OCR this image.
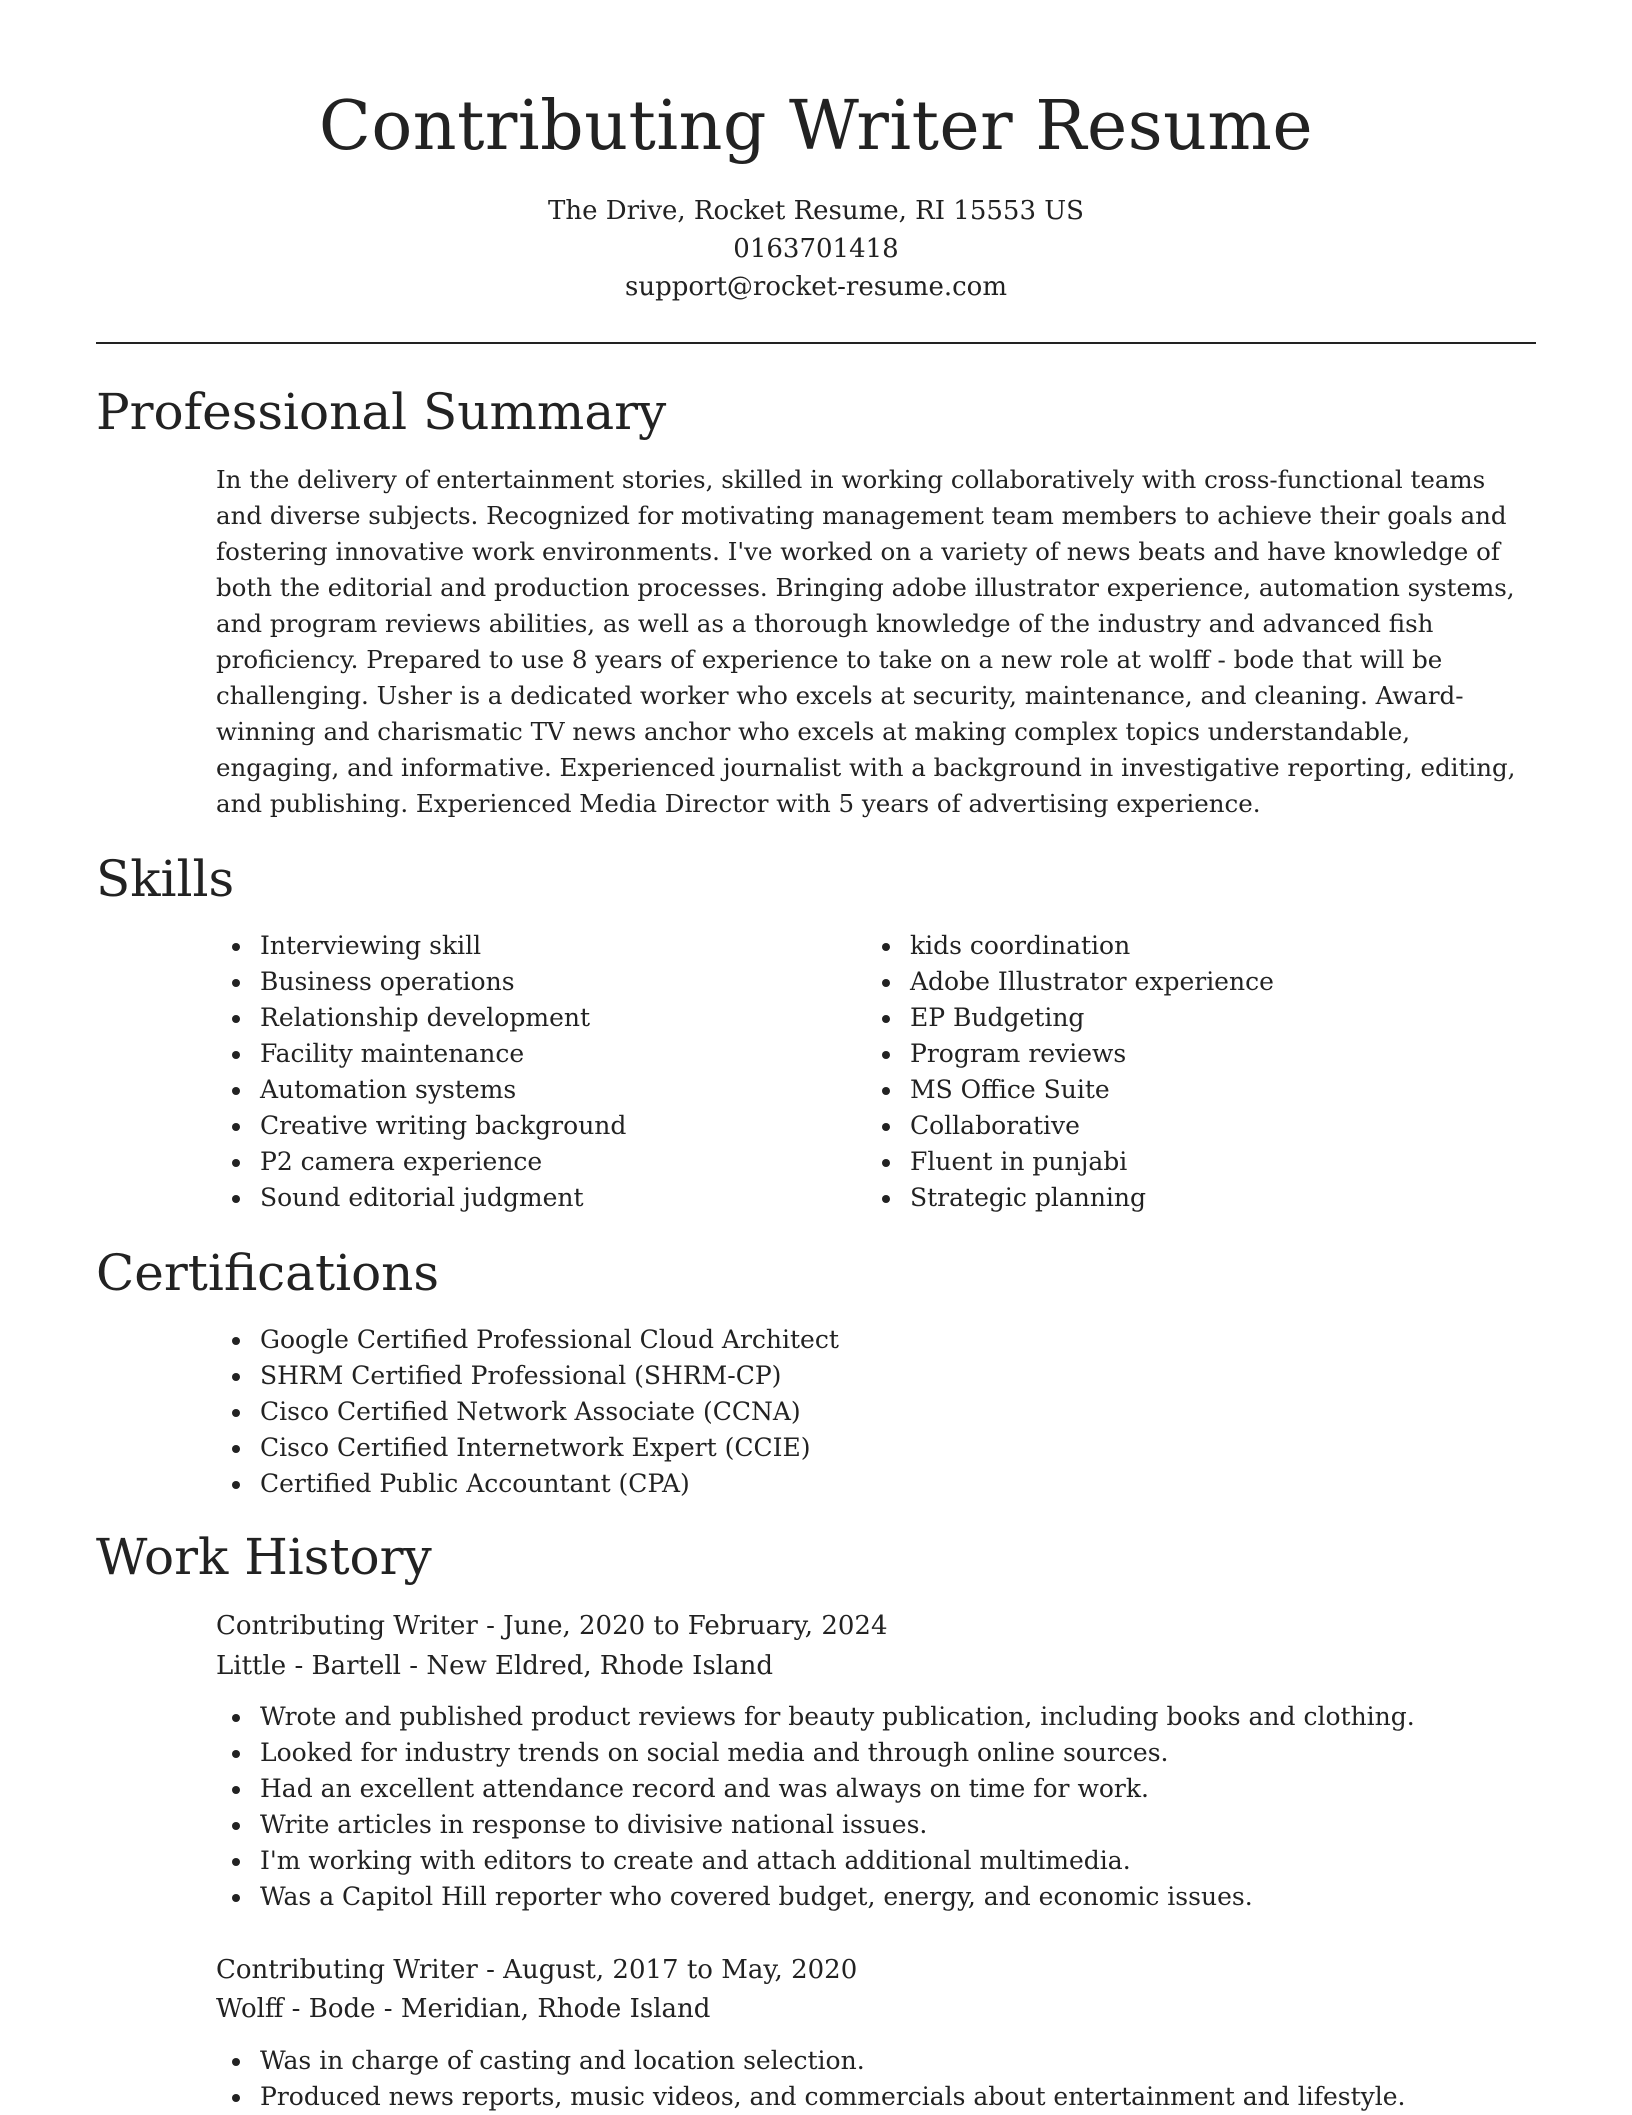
Contributing Writer Resume
The Drive, Rocket Resume, RI 15553 US
0163701418
support@rocket-resume.com
Professional Summary
In the delivery of entertainment stories, skilled in working collaboratively with cross-functional teams and diverse subjects. Recognized for motivating management team members to achieve their goals and fostering innovative work environments. I've worked on a variety of news beats and have knowledge of both the editorial and production processes. Bringing adobe illustrator experience, automation systems, and program reviews abilities, as well as a thorough knowledge of the industry and advanced fish proficiency. Prepared to use 8 years of experience to take on a new role at wolff - bode that will be challenging. Usher is a dedicated worker who excels at security, maintenance, and cleaning. Award-winning and charismatic TV news anchor who excels at making complex topics understandable, engaging, and informative. Experienced journalist with a background in investigative reporting, editing, and publishing. Experienced Media Director with 5 years of advertising experience.
Skills
Interviewing skill
Business operations
Relationship development
Facility maintenance
Automation systems
Creative writing background
P2 camera experience
Sound editorial judgment
kids coordination
Adobe Illustrator experience
EP Budgeting
Program reviews
MS Office Suite
Collaborative
Fluent in punjabi
Strategic planning
Certifications
Google Certified Professional Cloud Architect
SHRM Certified Professional (SHRM-CP)
Cisco Certified Network Associate (CCNA)
Cisco Certified Internetwork Expert (CCIE)
Certified Public Accountant (CPA)
Work History
Contributing Writer - June, 2020 to February, 2024
Little - Bartell - New Eldred, Rhode Island
Wrote and published product reviews for beauty publication, including books and clothing.
Looked for industry trends on social media and through online sources.
Had an excellent attendance record and was always on time for work.
Write articles in response to divisive national issues.
I'm working with editors to create and attach additional multimedia.
Was a Capitol Hill reporter who covered budget, energy, and economic issues.
Contributing Writer - August, 2017 to May, 2020
Wolff - Bode - Meridian, Rhode Island
Was in charge of casting and location selection.
Produced news reports, music videos, and commercials about entertainment and lifestyle.
